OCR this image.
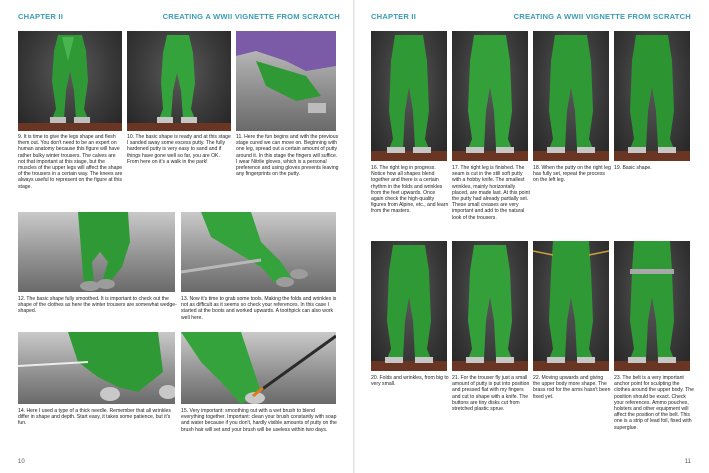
CHAPTER II	CREATING A WWII VIGNETTE FROM SCRATCH
9. It is time to give the legs shape and flesh them out. You don't need to be an expert on human anatomy because this figure will have rather bulky winter trousers. The calves are not that important at this stage, but the muscles of the upper legs will affect the shape of the trousers in a certain way. The knees are always useful to represent on the figure at this stage.
10. The basic shape is ready and at this stage I sanded away some excess putty. The fully hardened putty is very easy to sand and if things have gone well so far, you are OK. From here on it's a walk in the park!
11. Here the fun begins and with the previous stage cured we can move on. Beginning with one leg, spread out a certain amount of putty around it. In this stage the fingers will suffice. I wear Nitrile gloves, which is a personal preference and using gloves prevents leaving any fingerprints on the putty.
12. The basic shape fully smoothed. It is important to check out the shape of the clothes as here the winter trousers are somewhat wedge-shaped.
13. Now it's time to grab some tools. Making the folds and wrinkles is not as difficult as it seems so check your references. In this case I started at the boots and worked upwards. A toothpick can also work well here.
14. Here I used a type of a thick needle. Remember that all wrinkles differ in shape and depth. Start easy, it takes some patience, but it's fun.
15. Very important: smoothing out with a wet brush to blend everything together. Important: clean your brush constantly with soap and water because if you don't, hardly visible amounts of putty on the brush hair will set and your brush will be useless within two days.
10
CHAPTER II	CREATING A WWII VIGNETTE FROM SCRATCH
16. The right leg in progress. Notice how all shapes blend together and there is a certain rhythm in the folds and wrinkles from the feet upwards. Once again check the high-quality figures from Alpine, etc., and learn from the masters.
17. The right leg is finished. The seam is cut in the still soft putty with a hobby knife. The smallest wrinkles, mainly horizontally placed, are made last. At this point the putty had already partially set. These small creases are very important and add to the natural look of the trousers.
18. When the putty on the right leg has fully set, repeat the process on the left leg.
19. Basic shape.
20. Folds and wrinkles, from big to very small.
21. For the trouser fly just a small amount of putty is put into position and pressed flat with my fingers and cut to shape with a knife. The buttons are tiny disks cut from stretched plastic sprue.
22. Moving upwards and giving the upper body more shape. The brass rod for the arms hasn't been fixed yet.
23. The belt is a very important anchor point for sculpting the clothes around the upper body. The position should be exact. Check your references. Ammo pouches, holsters and other equipment will affect the position of the belt. This one is a strip of lead foil, fixed with superglue.
11
